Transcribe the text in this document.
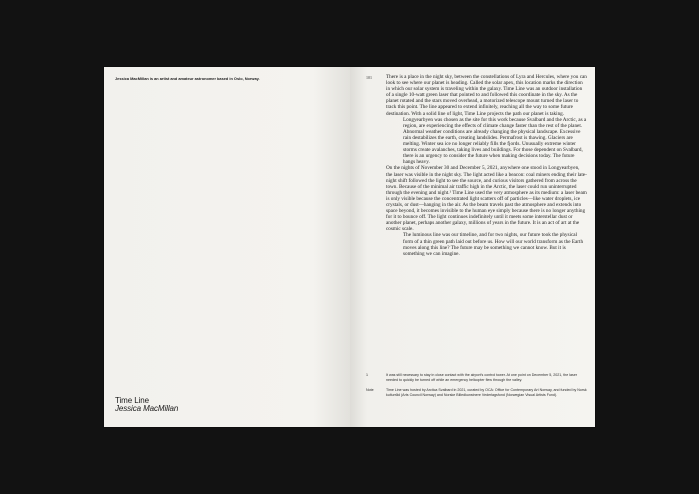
Jessica MacMillan is an artist and amateur astronomer based in Oslo, Norway.
Time Line
Jessica MacMillan
101	There is a place in the night sky, between the constellations of Lyra and Hercules, where you can look to see where our planet is heading. Called the solar apex, this location marks the direction in which our solar system is traveling within the galaxy. Time Line was an outdoor installation of a single 10-watt green laser that pointed to and followed this coordinate in the sky. As the planet rotated and the stars moved overhead, a motorized telescope mount turned the laser to track this point. The line appeared to extend infinitely, reaching all the way to some future destination. With a solid line of light, Time Line projects the path our planet is taking.

Longyearbyen was chosen as the site for this work because Svalbard and the Arctic, as a region, are experiencing the effects of climate change faster than the rest of the planet. Abnormal weather conditions are already changing the physical landscape. Excessive rain destabilizes the earth, creating landslides. Permafrost is thawing. Glaciers are melting. Winter sea ice no longer reliably fills the fjords. Unusually extreme winter storms create avalanches, taking lives and buildings. For those dependent on Svalbard, there is an urgency to consider the future when making decisions today. The future hangs heavy.

On the nights of November 30 and December 5, 2021, anywhere one stood in Longyearbyen, the laser was visible in the night sky. The light acted like a beacon: coal miners ending their late-night shift followed the light to see the source, and curious visitors gathered from across the town. Because of the minimal air traffic high in the Arctic, the laser could run uninterrupted through the evening and night.¹ Time Line used the very atmosphere as its medium: a laser beam is only visible because the concentrated light scatters off of particles—like water droplets, ice crystals, or dust—hanging in the air. As the beam travels past the atmosphere and extends into space beyond, it becomes invisible to the human eye simply because there is no longer anything for it to bounce off. The light continues indefinitely until it meets some interstellar dust or another planet, perhaps another galaxy, millions of years in the future. It is an act of art at the cosmic scale.

The luminous line was our timeline, and for two nights, our future took the physical form of a thin green path laid out before us. How will our world transform as the Earth moves along this line? The future may be something we cannot know. But it is something we can imagine.

1	It was still necessary to stay in close contact with the airport's control tower. At one point on December 5, 2021, the laser needed to quickly be turned off while an emergency helicopter flew through the valley.
Note	Time Line was hosted by Arctica Svalbard in 2021, curated by OCA: Office for Contemporary Art Norway, and funded by Norsk kulturråd (Arts Council Norway) and Norske Billedkunstnere Vederlagsfond (Norwegian Visual Artists Fund).
